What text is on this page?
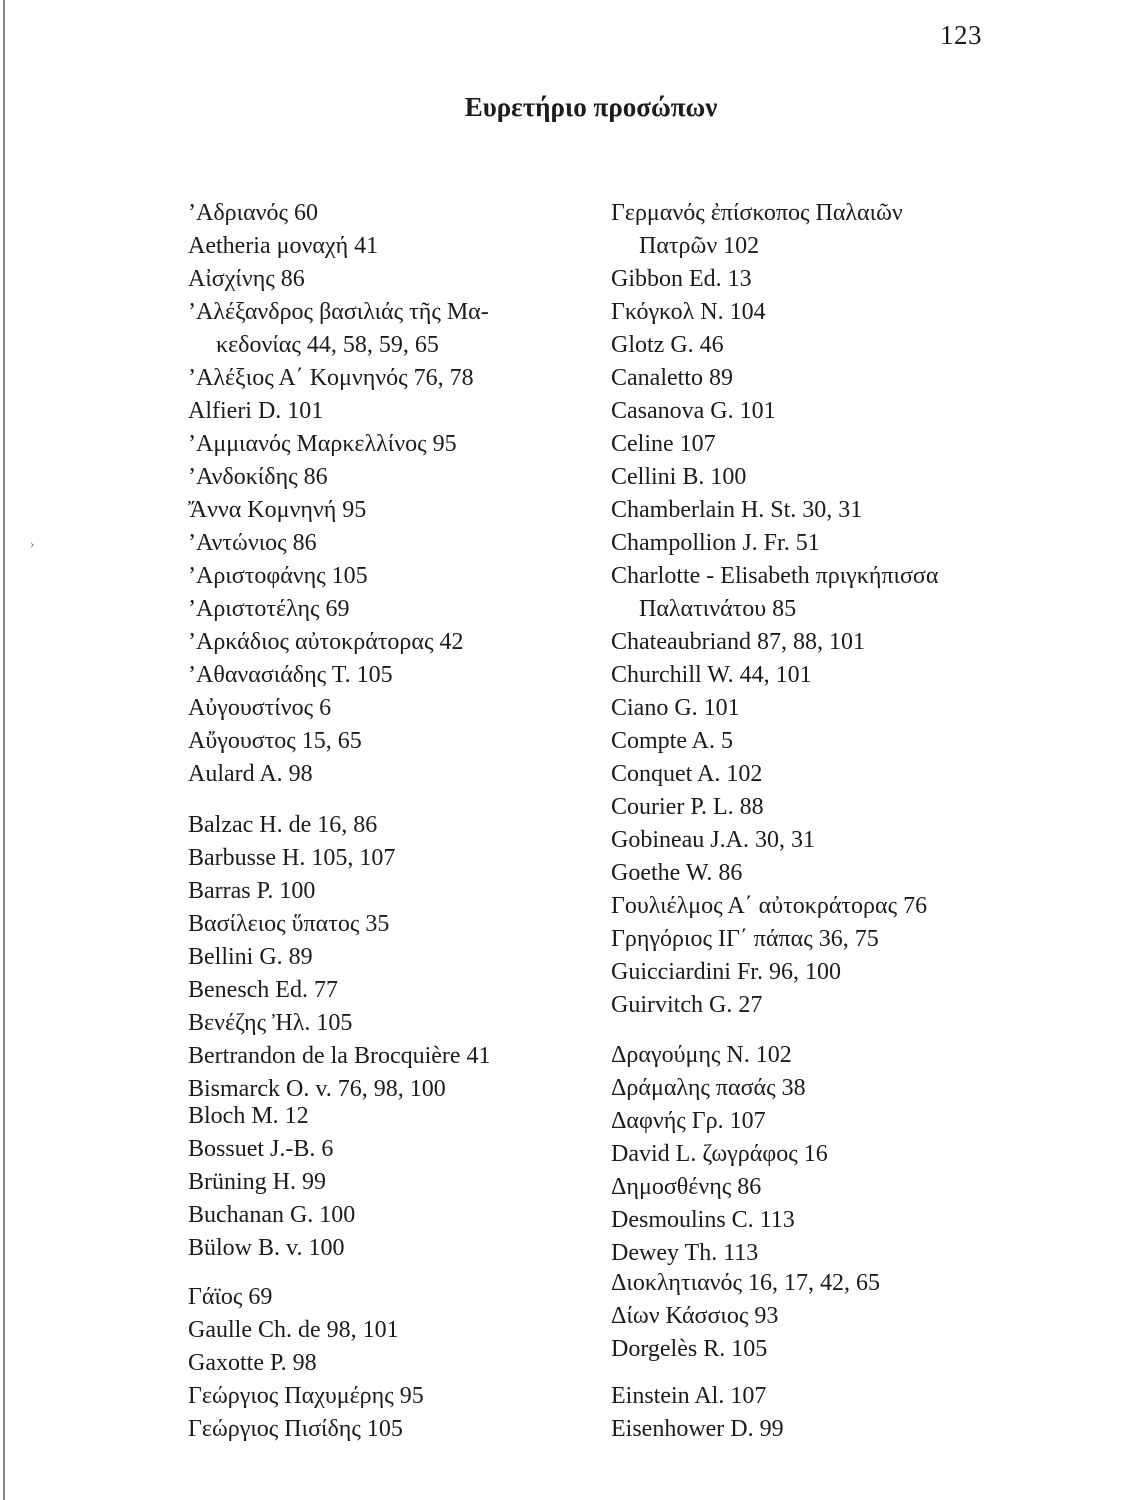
›
123
Ευρετήριο προσώπων
’Αδριανός 60
Aetheria μοναχή 41
Αἰσχίνης 86
’Αλέξανδρος βασιλιάς τῆς Μα-
κεδονίας 44, 58, 59, 65
’Αλέξιος Α΄ Κομνηνός 76, 78
Alfieri D. 101
’Αμμιανός Μαρκελλίνος 95
’Ανδοκίδης 86
Ἄννα Κομνηνή 95
’Αντώνιος 86
’Αριστοφάνης 105
’Αριστοτέλης 69
’Αρκάδιος αὐτοκράτορας 42
’Αθανασιάδης Τ. 105
Αὐγουστίνος 6
Αὔγουστος 15, 65
Aulard A. 98
Balzac H. de 16, 86
Barbusse H. 105, 107
Barras P. 100
Βασίλειος ὕπατος 35
Bellini G. 89
Benesch Ed. 77
Βενέζης Ἠλ. 105
Bertrandon de la Brocquière 41
Bismarck O. v. 76, 98, 100
Bloch M. 12
Bossuet J.-B. 6
Brüning H. 99
Buchanan G. 100
Bülow B. v. 100
Γάϊος 69
Gaulle Ch. de 98, 101
Gaxotte P. 98
Γεώργιος Παχυμέρης 95
Γεώργιος Πισίδης 105
Γερμανός ἐπίσκοπος Παλαιῶν
Πατρῶν 102
Gibbon Ed. 13
Γκόγκολ Ν. 104
Glotz G. 46
Canaletto 89
Casanova G. 101
Celine 107
Cellini B. 100
Chamberlain H. St. 30, 31
Champollion J. Fr. 51
Charlotte - Elisabeth πριγκήπισσα
Παλατινάτου 85
Chateaubriand 87, 88, 101
Churchill W. 44, 101
Ciano G. 101
Compte A. 5
Conquet A. 102
Courier P. L. 88
Gobineau J.A. 30, 31
Goethe W. 86
Γουλιέλμος Α΄ αὐτοκράτορας 76
Γρηγόριος ΙΓ΄ πάπας 36, 75
Guicciardini Fr. 96, 100
Guirvitch G. 27
Δραγούμης Ν. 102
Δράμαλης πασάς 38
Δαφνής Γρ. 107
David L. ζωγράφος 16
Δημοσθένης 86
Desmoulins C. 113
Dewey Th. 113
Διοκλητιανός 16, 17, 42, 65
Δίων Κάσσιος 93
Dorgelès R. 105
Einstein Al. 107
Eisenhower D. 99
